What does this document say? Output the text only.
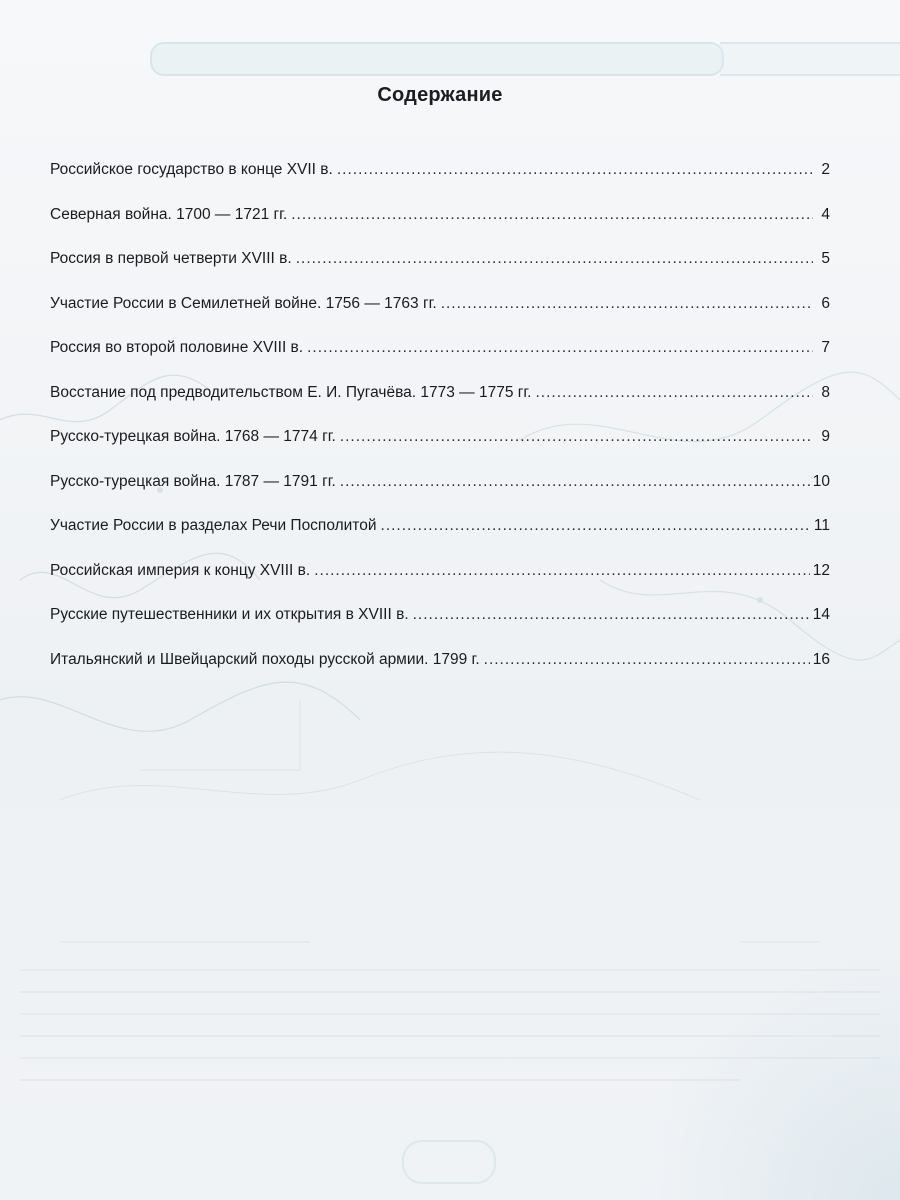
Содержание
Российское государство в конце XVII в. .....	2
Северная война. 1700 — 1721 гг. .....	4
Россия в первой четверти XVIII в. .....	5
Участие России в Семилетней войне. 1756 — 1763 гг. .....	6
Россия во второй половине XVIII в. .....	7
Восстание под предводительством Е. И. Пугачёва. 1773 — 1775 гг. .....	8
Русско-турецкая война. 1768 — 1774 гг. .....	9
Русско-турецкая война. 1787 — 1791 гг. .....	10
Участие России в разделах Речи Посполитой .....	11
Российская империя к концу XVIII в. .....	12
Русские путешественники и их открытия в XVIII в. .....	14
Итальянский и Швейцарский походы русской армии. 1799 г. .....	16
